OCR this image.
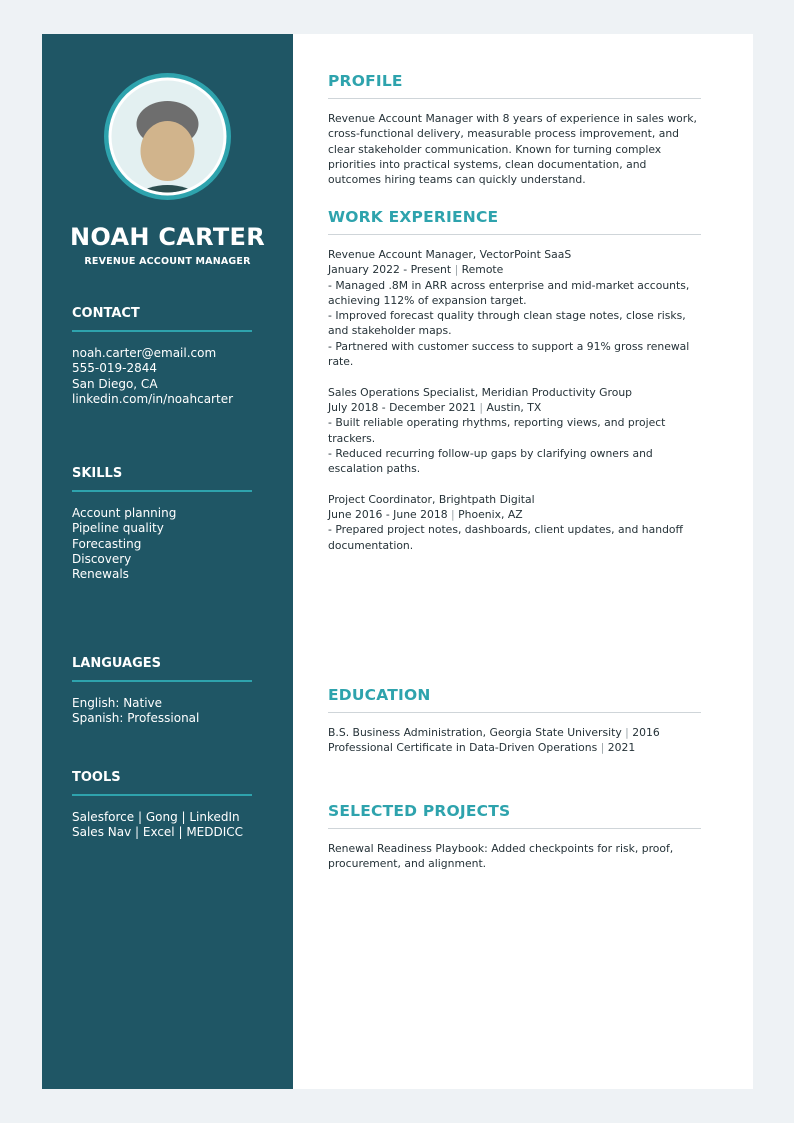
NOAH CARTER
REVENUE ACCOUNT MANAGER
CONTACT
noah.carter@email.com
555-019-2844
San Diego, CA
linkedin.com/in/noahcarter
SKILLS
Account planning
Pipeline quality
Forecasting
Discovery
Renewals
LANGUAGES
English: Native
Spanish: Professional
TOOLS
Salesforce | Gong | LinkedIn Sales Nav | Excel | MEDDICC
PROFILE
Revenue Account Manager with 8 years of experience in sales work, cross-functional delivery, measurable process improvement, and clear stakeholder communication. Known for turning complex priorities into practical systems, clean documentation, and outcomes hiring teams can quickly understand.
WORK EXPERIENCE
Revenue Account Manager, VectorPoint SaaS
January 2022 - Present | Remote
- Managed .8M in ARR across enterprise and mid-market accounts, achieving 112% of expansion target.
- Improved forecast quality through clean stage notes, close risks, and stakeholder maps.
- Partnered with customer success to support a 91% gross renewal rate.
Sales Operations Specialist, Meridian Productivity Group
July 2018 - December 2021 | Austin, TX
- Built reliable operating rhythms, reporting views, and project trackers.
- Reduced recurring follow-up gaps by clarifying owners and escalation paths.
Project Coordinator, Brightpath Digital
June 2016 - June 2018 | Phoenix, AZ
- Prepared project notes, dashboards, client updates, and handoff documentation.
EDUCATION
B.S. Business Administration, Georgia State University | 2016
Professional Certificate in Data-Driven Operations | 2021
SELECTED PROJECTS
Renewal Readiness Playbook: Added checkpoints for risk, proof, procurement, and alignment.
